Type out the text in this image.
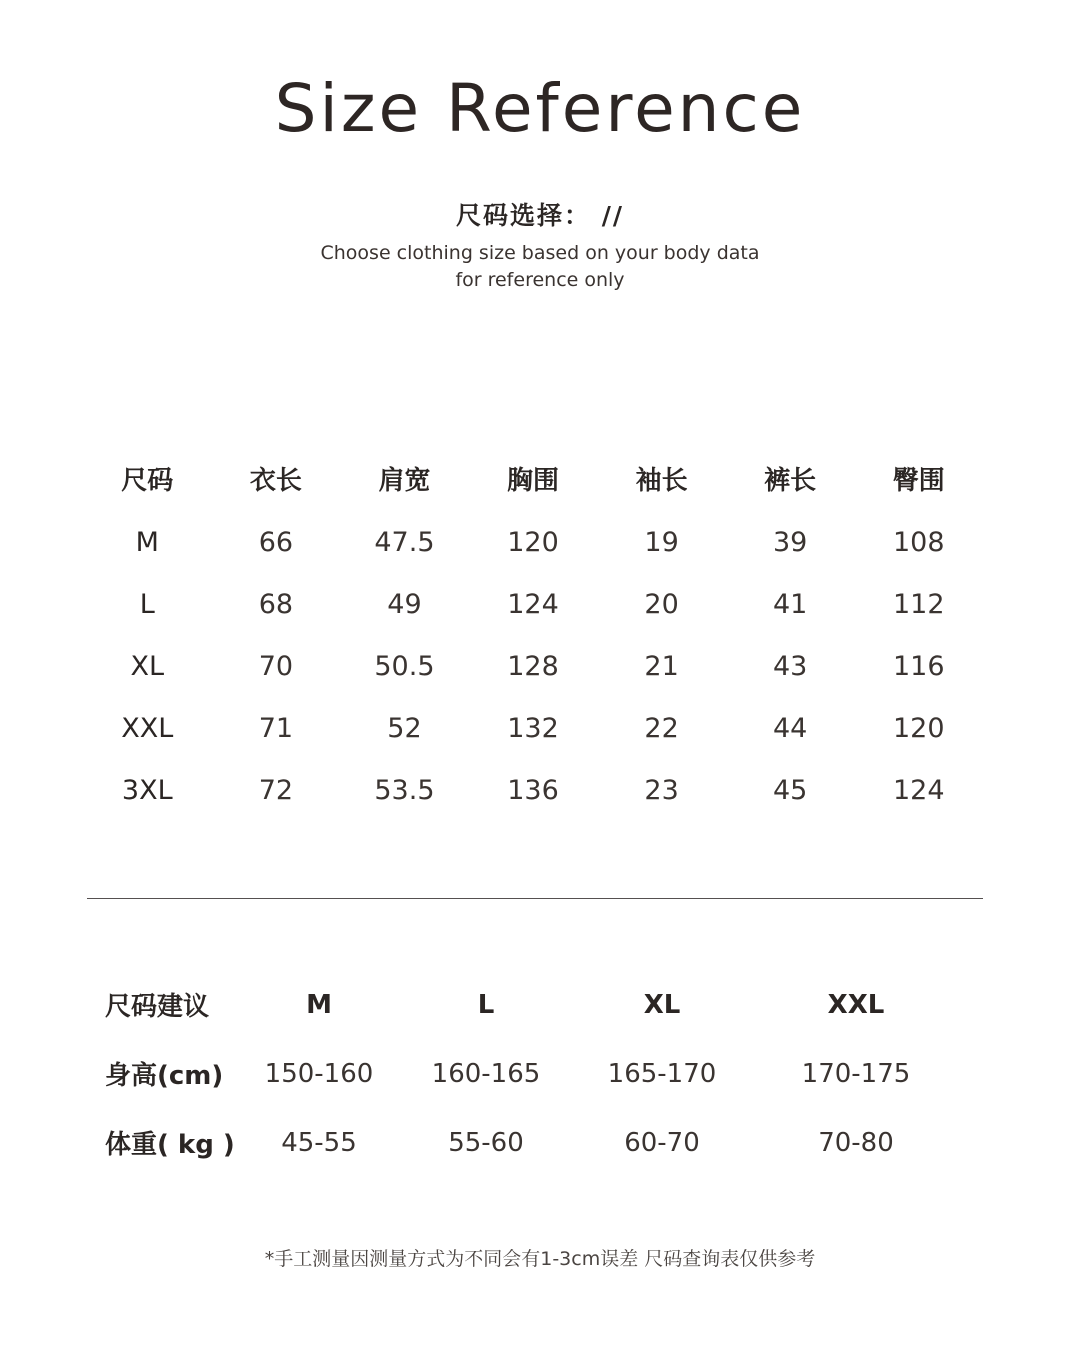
Size Reference
尺码选择： //
Choose clothing size based on your body data
for reference only
尺码	衣长	肩宽	胸围	袖长	裤长	臀围
M	66	47.5	120	19	39	108
L	68	49	124	20	41	112
XL	70	50.5	128	21	43	116
XXL	71	52	132	22	44	120
3XL	72	53.5	136	23	45	124
尺码建议	M	L	XL	XXL
身高(cm)	150-160	160-165	165-170	170-175
体重( kg )	45-55	55-60	60-70	70-80
*手工测量因测量方式为不同会有1-3cm误差 尺码查询表仅供参考
